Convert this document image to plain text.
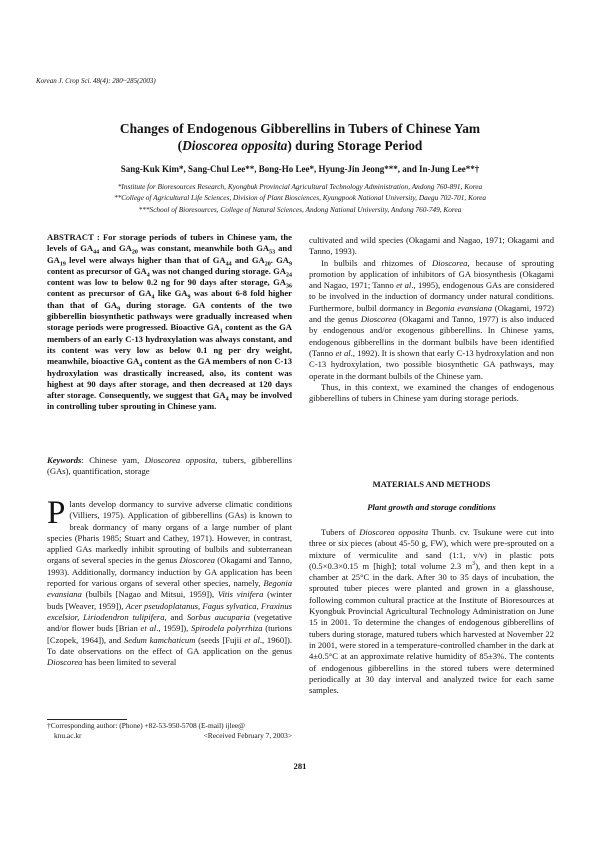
Korean J. Crop Sci. 48(4): 280~285(2003)
Changes of Endogenous Gibberellins in Tubers of Chinese Yam
(Dioscorea opposita) during Storage Period
Sang-Kuk Kim*, Sang-Chul Lee**, Bong-Ho Lee*, Hyung-Jin Jeong***, and In-Jung Lee**†
*Institute for Bioresources Research, Kyongbuk Provincial Agricultural Technology Administration, Andong 760-891, Korea
**College of Agricultural Life Sciences, Division of Plant Biosciences, Kyungpook National University, Daegu 702-701, Korea
***School of Bioresources, College of Natural Sciences, Andong National University, Andong 760-749, Korea
ABSTRACT : For storage periods of tubers in Chinese yam, the levels of $GA_{44}$ and $GA_{20}$ was constant, meanwhile both $GA_{53}$ and $GA_{19}$ level were always higher than that of $GA_{44}$ and $GA_{20}$. $GA_9$ content as precursor of $GA_4$ was not changed during storage. $GA_{24}$ content was low to below 0.2 ng for 90 days after storage, $GA_{36}$ content as precursor of $GA_4$ like $GA_9$ was about 6-8 fold higher than that of $GA_9$ during storage. GA contents of the two gibberellin biosynthetic pathways were gradually increased when storage periods were progressed. Bioactive $GA_1$ content as the GA members of an early C-13 hydroxylation was always constant, and its content was very low as below 0.1 ng per dry weight, meanwhile, bioactive $GA_4$ content as the GA members of non C-13 hydroxylation was drastically increased, also, its content was highest at 90 days after storage, and then decreased at 120 days after storage. Consequently, we suggest that $GA_4$ may be involved in controlling tuber sprouting in Chinese yam.
Keywords: Chinese yam, Dioscorea opposita, tubers, gibberellins (GAs), quantification, storage
Plants develop dormancy to survive adverse climatic conditions (Villiers, 1975). Application of gibberellins (GAs) is known to break dormancy of many organs of a large number of plant species (Pharis 1985; Stuart and Cathey, 1971). However, in contrast, applied GAs markedly inhibit sprouting of bulbils and subterranean organs of several species in the genus Dioscorea (Okagami and Tanno, 1993). Additionally, dormancy induction by GA application has been reported for various organs of several other species, namely, Begonia evansiana (bulbils [Nagao and Mitsui, 1959]), Vitis vinifera (winter buds [Weaver, 1959]), Acer pseudoplatanus, Fagus sylvatica, Fraxinus excelsior, Liriodendron tulipifera, and Sorbus aucuparia (vegetative and/or flower buds [Brian et al., 1959]), Spirodela polyrrhiza (turions [Czopek, 1964]), and Sedum kamchaticum (seeds [Fujii et al., 1960]). To date observations on the effect of GA application on the genus Dioscorea has been limited to several

cultivated and wild species (Okagami and Nagao, 1971; Okagami and Tanno, 1993).

In bulbils and rhizomes of Dioscorea, because of sprouting promotion by application of inhibitors of GA biosynthesis (Okagami and Nagao, 1971; Tanno et al., 1995), endogenous GAs are considered to be involved in the induction of dormancy under natural conditions. Furthermore, bulbil dormancy in Begonia evansiana (Okagami, 1972) and the genus Dioscorea (Okagami and Tanno, 1977) is also induced by endogenous and/or exogenous gibberellins. In Chinese yams, endogenous gibberellins in the dormant bulbils have been identified (Tanno et al., 1992). It is shown that early C-13 hydroxylation and non C-13 hydroxylation, two possible biosynthetic GA pathways, may operate in the dormant bulbils of the Chinese yam.

Thus, in this context, we examined the changes of endogenous gibberellins of tubers in Chinese yam during storage periods.

MATERIALS AND METHODS
Plant growth and storage conditions
Tubers of Dioscorea opposita Thunb. cv. Tsukune were cut into three or six pieces (about 45-50 g, FW), which were pre-sprouted on a mixture of vermiculite and sand (1:1, v/v) in plastic pots (0.5×0.3×0.15 m [high]; total volume 2.3 $m^3$), and then kept in a chamber at 25°C in the dark. After 30 to 35 days of incubation, the sprouted tuber pieces were planted and grown in a glasshouse, following common cultural practice at the Institute of Bioresources at Kyongbuk Provincial Agricultural Technology Administration on June 15 in 2001. To determine the changes of endogenous gibberellins of tubers during storage, matured tubers which harvested at November 22 in 2001, were stored in a temperature-controlled chamber in the dark at 4±0.5°C at an approximate relative humidity of 85±3%. The contents of endogenous gibberellins in the stored tubers were determined periodically at 30 day interval and analyzed twice for each same samples.
†Corresponding author: (Phone) +82-53-950-5708 (E-mail) ijlee@
knu.ac.kr	<Received February 7, 2003>
281
